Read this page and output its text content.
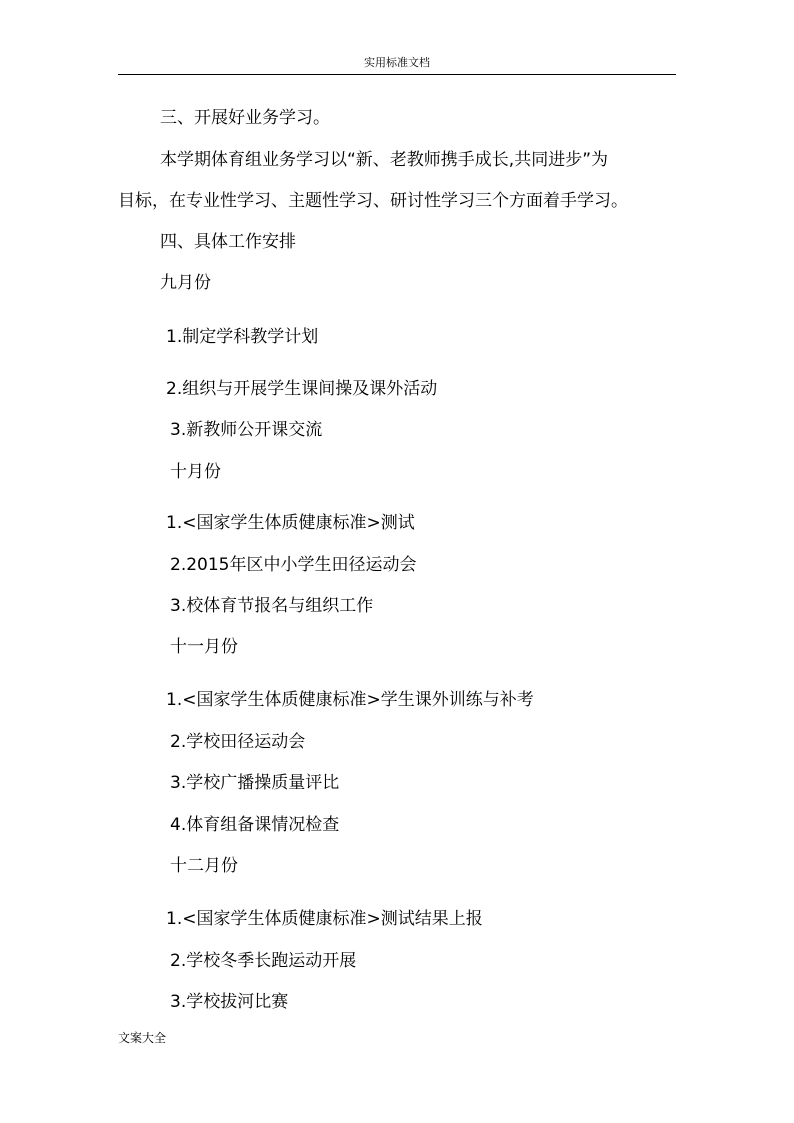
实用标准文档
三、开展好业务学习。
本学期体育组业务学习以“新、老教师携手成长,共同进步”为
目标，在专业性学习、主题性学习、研讨性学习三个方面着手学习。
四、具体工作安排
九月份
1.制定学科教学计划
2.组织与开展学生课间操及课外活动
3.新教师公开课交流
十月份
1.<国家学生体质健康标准>测试
2.2015年区中小学生田径运动会
3.校体育节报名与组织工作
十一月份
1.<国家学生体质健康标准>学生课外训练与补考
2.学校田径运动会
3.学校广播操质量评比
4.体育组备课情况检查
十二月份
1.<国家学生体质健康标准>测试结果上报
2.学校冬季长跑运动开展
3.学校拔河比赛
文案大全
